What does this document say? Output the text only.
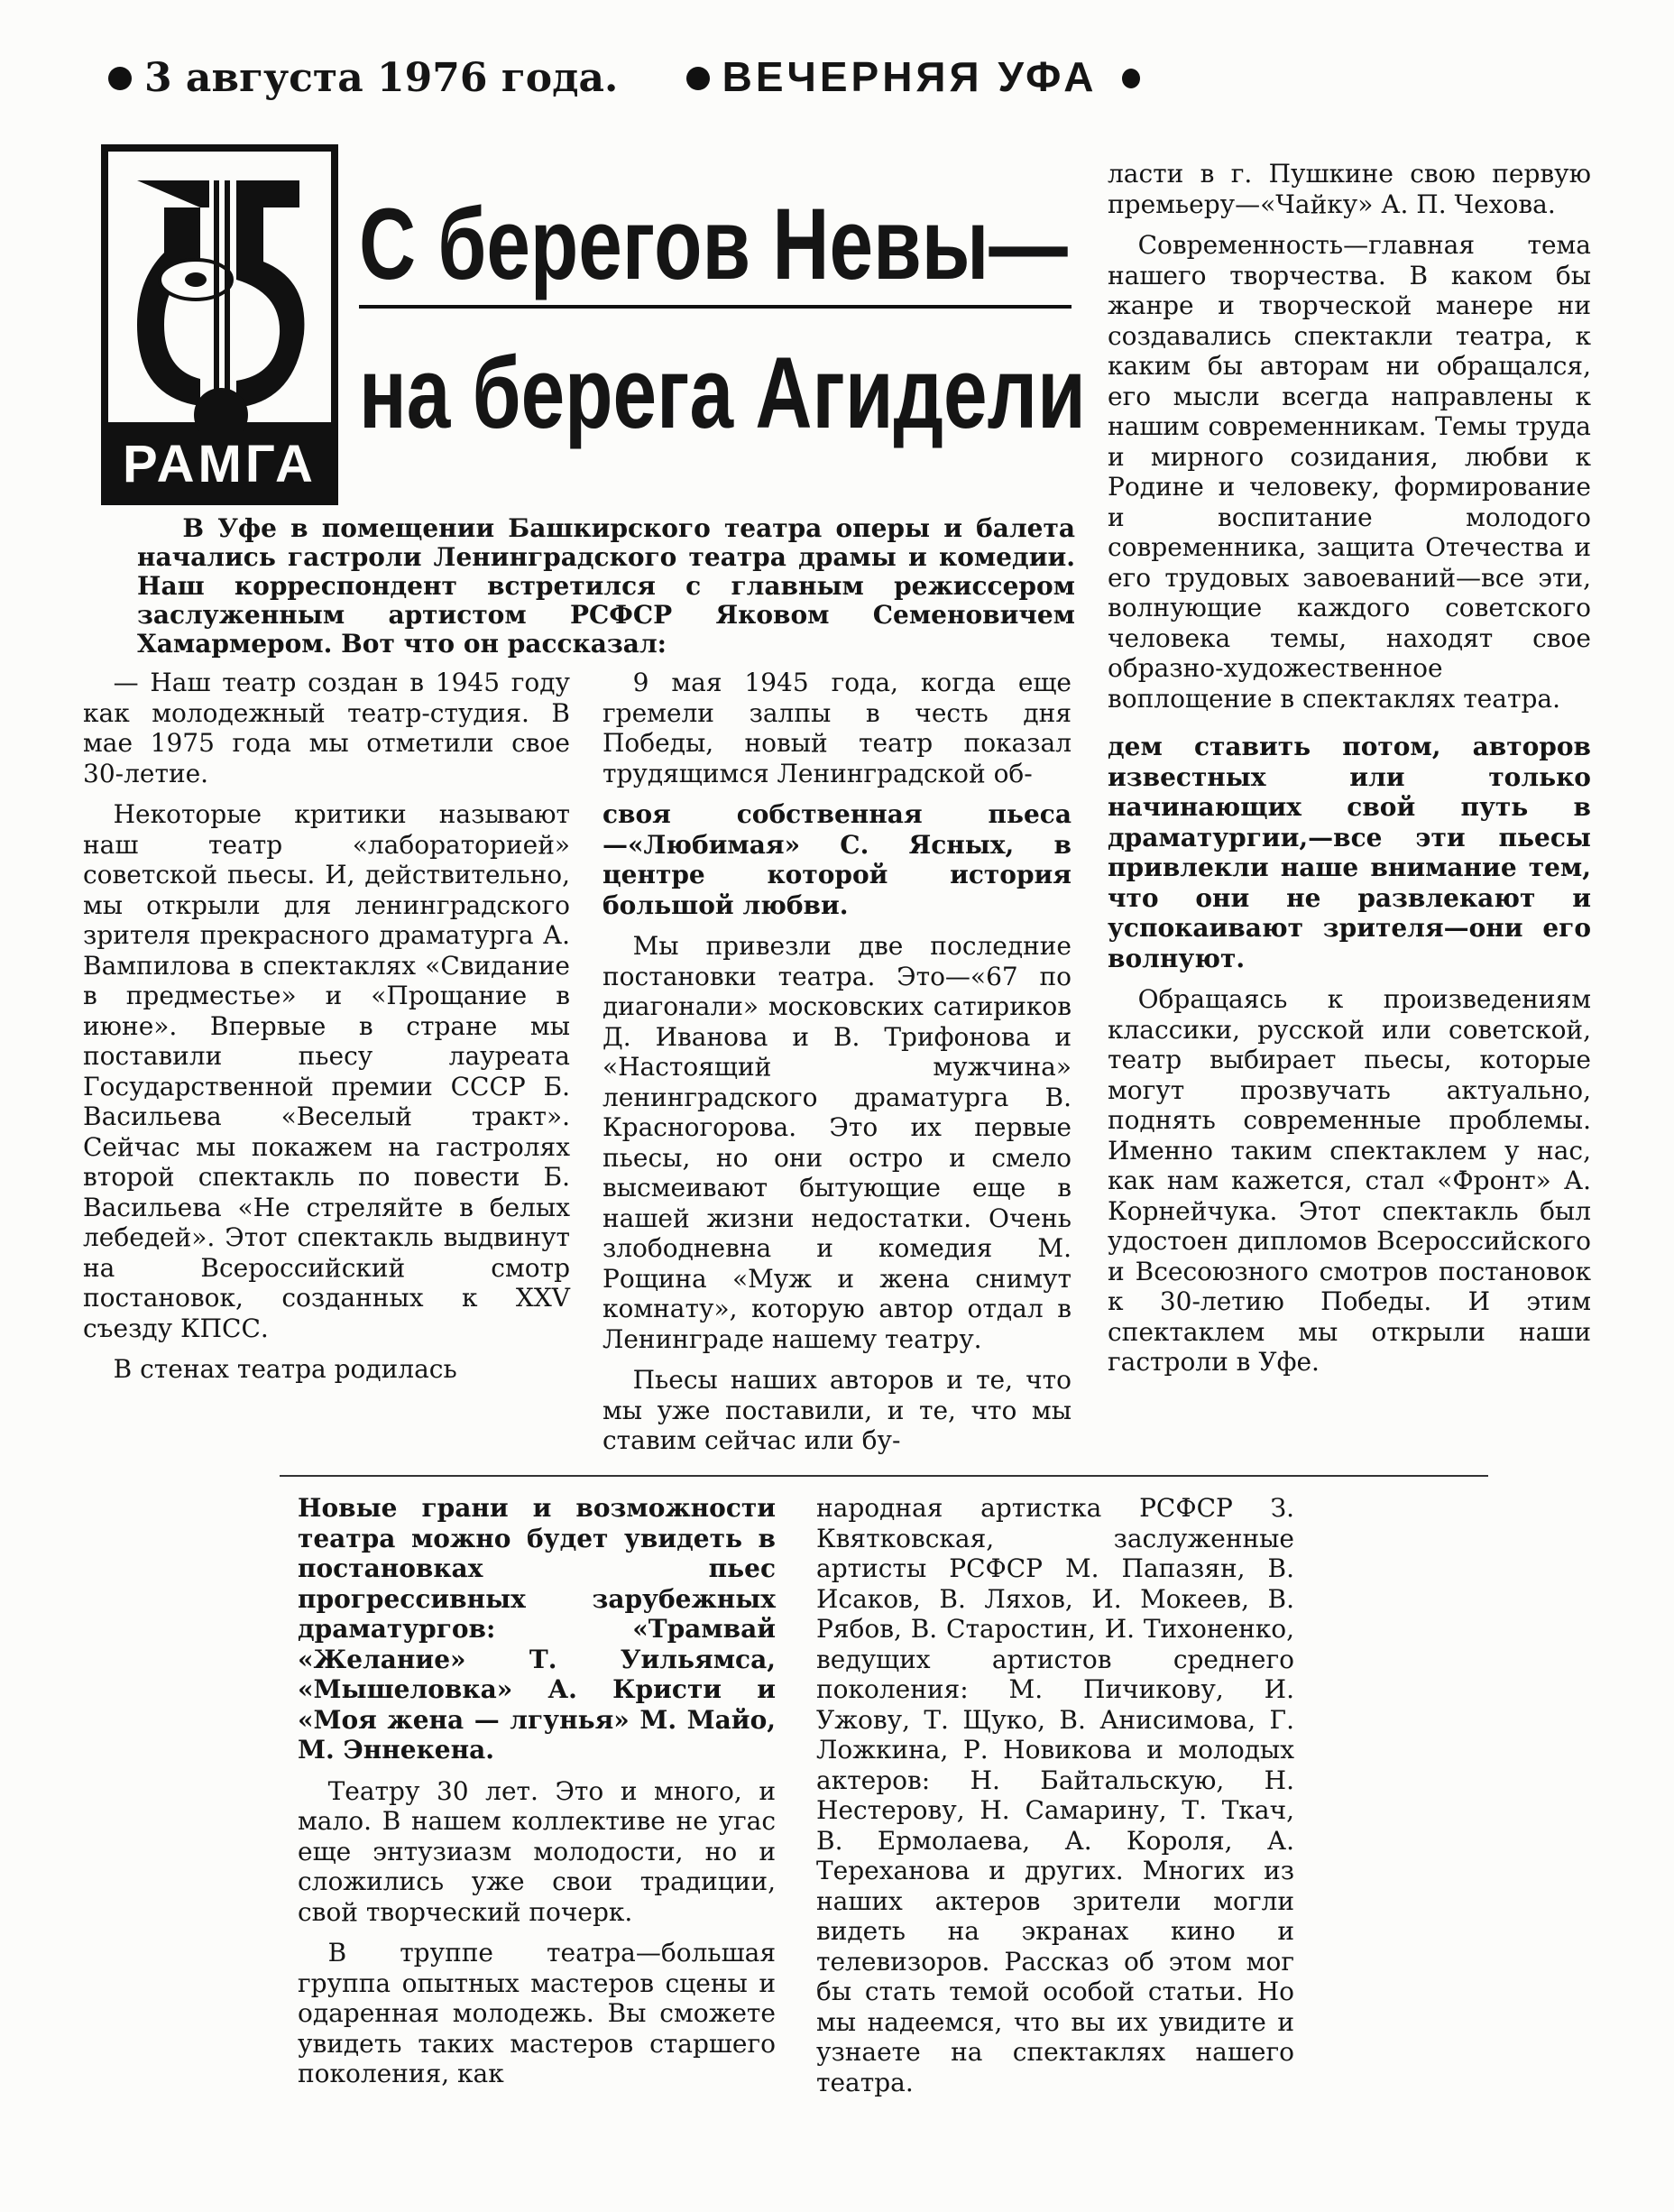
3 августа 1976 года.	ВЕЧЕРНЯЯ УФА
РАМГА
С берегов Невы—
на берега Агидели

В Уфе в помещении Башкирского театра оперы и балета начались гастроли Ленинградского театра драмы и комедии. Наш корреспондент встретился с главным режиссером заслуженным артистом РСФСР Яковом Семеновичем Хамармером. Вот что он рассказал:

— Наш театр создан в 1945 году как молодежный театр-студия. В мае 1975 года мы отметили свое 30-летие.

Некоторые критики называют наш театр «лабораторией» советской пьесы. И, действительно, мы открыли для ленинградского зрителя прекрасного драматурга А. Вампилова в спектаклях «Свидание в предместье» и «Прощание в июне». Впервые в стране мы поставили пьесу лауреата Государственной премии СССР Б. Васильева «Веселый тракт». Сейчас мы покажем на гастролях второй спектакль по повести Б. Васильева «Не стреляйте в белых лебедей». Этот спектакль выдвинут на Всероссийский смотр постановок, созданных к XXV съезду КПСС.

В стенах театра родилась

9 мая 1945 года, когда еще гремели залпы в честь дня Победы, новый театр показал трудящимся Ленинградской об-

своя собственная пьеса—«Любимая» С. Ясных, в центре которой история большой любви.

Мы привезли две последние постановки театра. Это—«67 по диагонали» московских сатириков Д. Иванова и В. Трифонова и «Настоящий мужчина» ленинградского драматурга В. Красногорова. Это их первые пьесы, но они остро и смело высмеивают бытующие еще в нашей жизни недостатки. Очень злободневна и комедия М. Рощина «Муж и жена снимут комнату», которую автор отдал в Ленинграде нашему театру.

Пьесы наших авторов и те, что мы уже поставили, и те, что мы ставим сейчас или бу-

ласти в г. Пушкине свою первую премьеру—«Чайку» А. П. Чехова.

Современность—главная тема нашего творчества. В каком бы жанре и творческой манере ни создавались спектакли театра, к каким бы авторам ни обращался, его мысли всегда направлены к нашим современникам. Темы труда и мирного созидания, любви к Родине и человеку, формирование и воспитание молодого современника, защита Отечества и его трудовых завоеваний—все эти, волнующие каждого советского человека темы, находят свое образно-художественное воплощение в спектаклях театра.

дем ставить потом, авторов известных или только начинающих свой путь в драматургии,—все эти пьесы привлекли наше внимание тем, что они не развлекают и успокаивают зрителя—они его волнуют.

Обращаясь к произведениям классики, русской или советской, театр выбирает пьесы, которые могут прозвучать актуально, поднять современные проблемы. Именно таким спектаклем у нас, как нам кажется, стал «Фронт» А. Корнейчука. Этот спектакль был удостоен дипломов Всероссийского и Всесоюзного смотров постановок к 30-летию Победы. И этим спектаклем мы открыли наши гастроли в Уфе.

Новые грани и возможности театра можно будет увидеть в постановках пьес прогрессивных зарубежных драматургов: «Трамвай «Желание» Т. Уильямса, «Мышеловка» А. Кристи и «Моя жена — лгунья» М. Майо, М. Эннекена.

Театру 30 лет. Это и много, и мало. В нашем коллективе не угас еще энтузиазм молодости, но и сложились уже свои традиции, свой творческий почерк.

В труппе театра—большая группа опытных мастеров сцены и одаренная молодежь. Вы сможете увидеть таких мастеров старшего поколения, как

народная артистка РСФСР З. Квятковская, заслуженные артисты РСФСР М. Папазян, В. Исаков, В. Ляхов, И. Мокеев, В. Рябов, В. Старостин, И. Тихоненко, ведущих артистов среднего поколения: М. Пичикову, И. Ужову, Т. Щуко, В. Анисимова, Г. Ложкина, Р. Новикова и молодых актеров: Н. Байтальскую, Н. Нестерову, Н. Самарину, Т. Ткач, В. Ермолаева, А. Короля, А. Тереханова и других. Многих из наших актеров зрители могли видеть на экранах кино и телевизоров. Рассказ об этом мог бы стать темой особой статьи. Но мы надеемся, что вы их увидите и узнаете на спектаклях нашего театра.
